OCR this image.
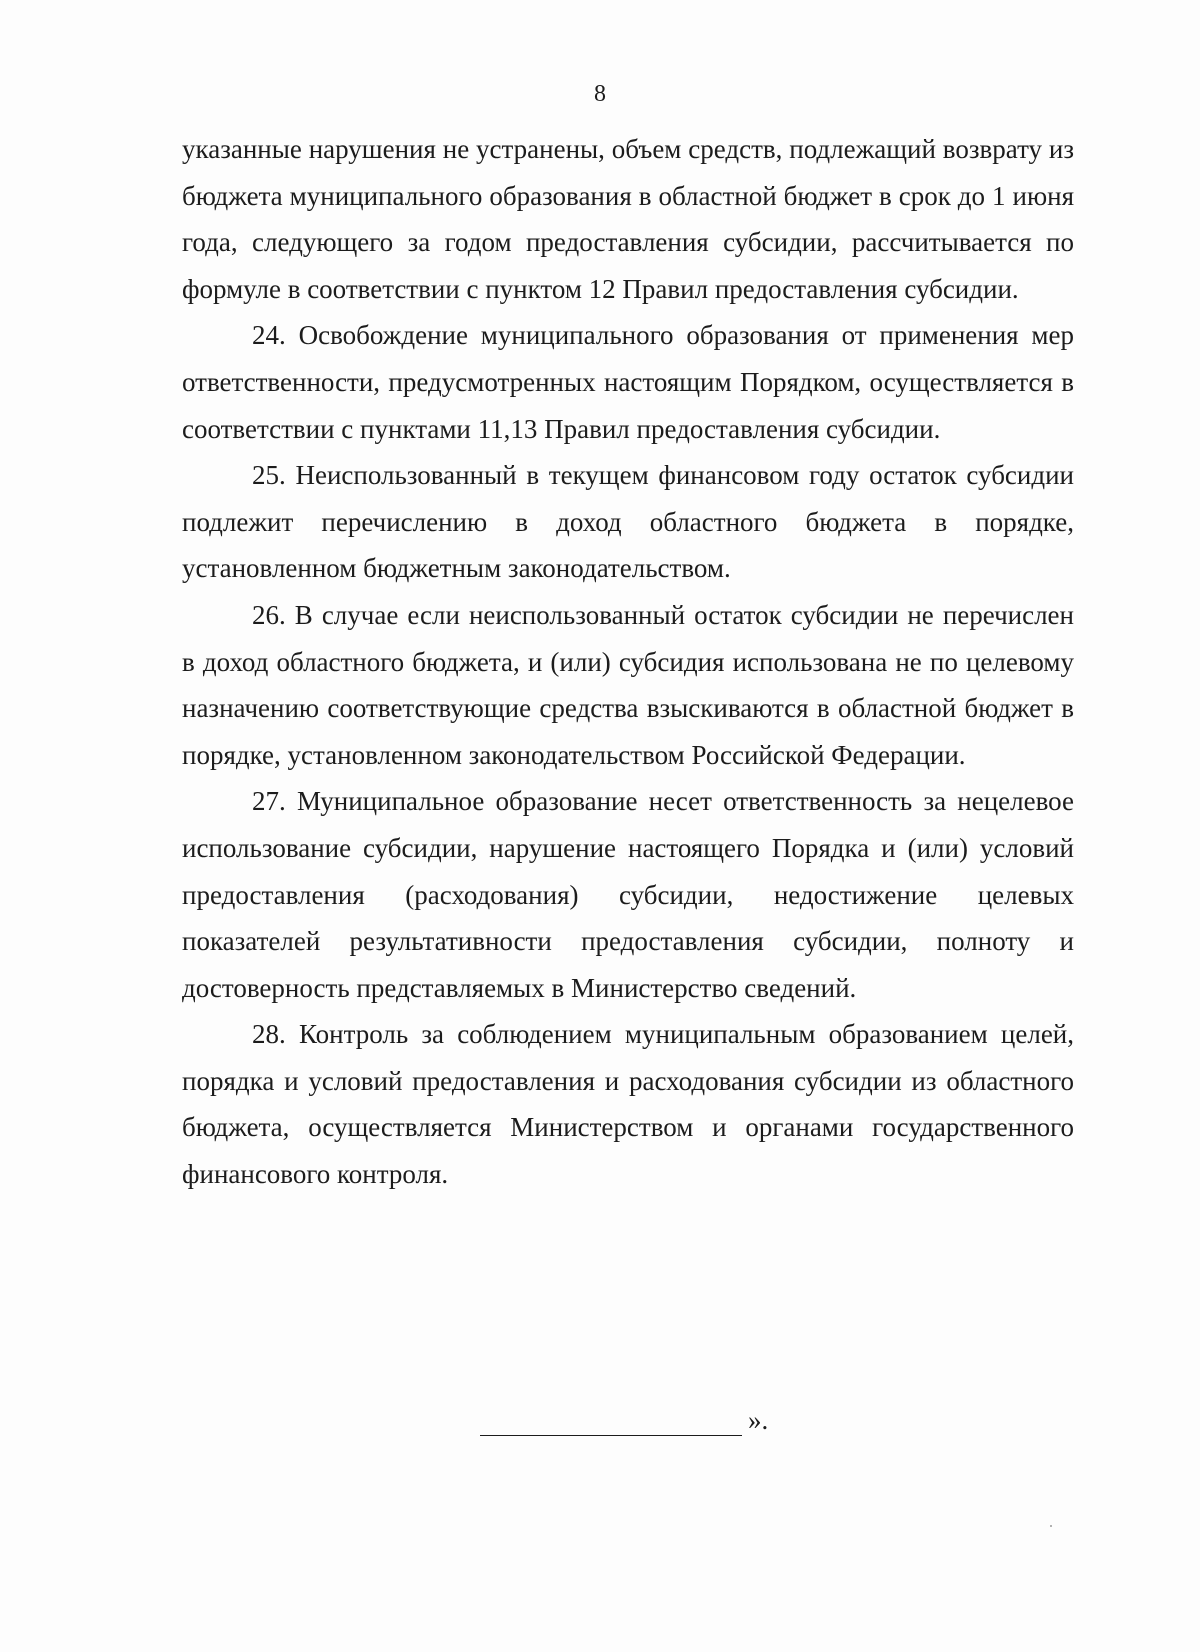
8

указанные нарушения не устранены, объем средств, подлежащий возврату из бюджета муниципального образования в областной бюджет в срок до 1 июня года, следующего за годом предоставления субсидии, рассчитывается по формуле в соответствии с пунктом 12 Правил предоставления субсидии.

24. Освобождение муниципального образования от применения мер ответственности, предусмотренных настоящим Порядком, осуществляется в соответствии с пунктами 11,13 Правил предоставления субсидии.

25. Неиспользованный в текущем финансовом году остаток субсидии подлежит перечислению в доход областного бюджета в порядке, установленном бюджетным законодательством.

26. В случае если неиспользованный остаток субсидии не перечислен в доход областного бюджета, и (или) субсидия использована не по целевому назначению соответствующие средства взыскиваются в областной бюджет в порядке, установленном законодательством Российской Федерации.

27. Муниципальное образование несет ответственность за нецелевое использование субсидии, нарушение настоящего Порядка и (или) условий предоставления (расходования) субсидии, недостижение целевых показателей результативности предоставления субсидии, полноту и достоверность представляемых в Министерство сведений.

28. Контроль за соблюдением муниципальным образованием целей, порядка и условий предоставления и расходования субсидии из областного бюджета, осуществляется Министерством и органами государственного финансового контроля.

».
